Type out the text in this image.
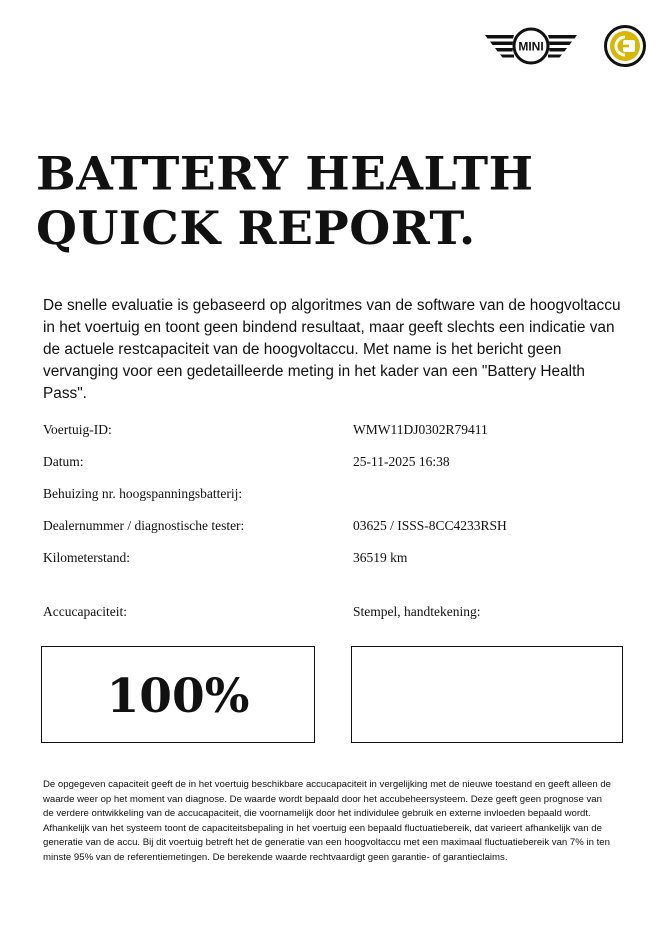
MINI
BATTERY HEALTH
QUICK REPORT.

De snelle evaluatie is gebaseerd op algoritmes van de software van de hoogvoltaccu in het voertuig en toont geen bindend resultaat, maar geeft slechts een indicatie van de actuele restcapaciteit van de hoogvoltaccu. Met name is het bericht geen vervanging voor een gedetailleerde meting in het kader van een "Battery Health Pass".

Voertuig-ID:	WMW11DJ0302R79411
Datum:	25-11-2025 16:38
Behuizing nr. hoogspanningsbatterij:
Dealernummer / diagnostische tester:	03625 / ISSS-8CC4233RSH
Kilometerstand:	36519 km
Accucapaciteit:	Stempel, handtekening:
100%

De opgegeven capaciteit geeft de in het voertuig beschikbare accucapaciteit in vergelijking met de nieuwe toestand en geeft alleen de waarde weer op het moment van diagnose. De waarde wordt bepaald door het accubeheersysteem. Deze geeft geen prognose van de verdere ontwikkeling van de accucapaciteit, die voornamelijk door het individulee gebruik en externe invloeden bepaald wordt. Afhankelijk van het systeem toont de capaciteitsbepaling in het voertuig een bepaald fluctuatiebereik, dat varieert afhankelijk van de generatie van de accu. Bij dit voertuig betreft het de generatie van een hoogvoltaccu met een maximaal fluctuatiebereik van 7% in ten minste 95% van de referentiemetingen. De berekende waarde rechtvaardigt geen garantie- of garantieclaims.
